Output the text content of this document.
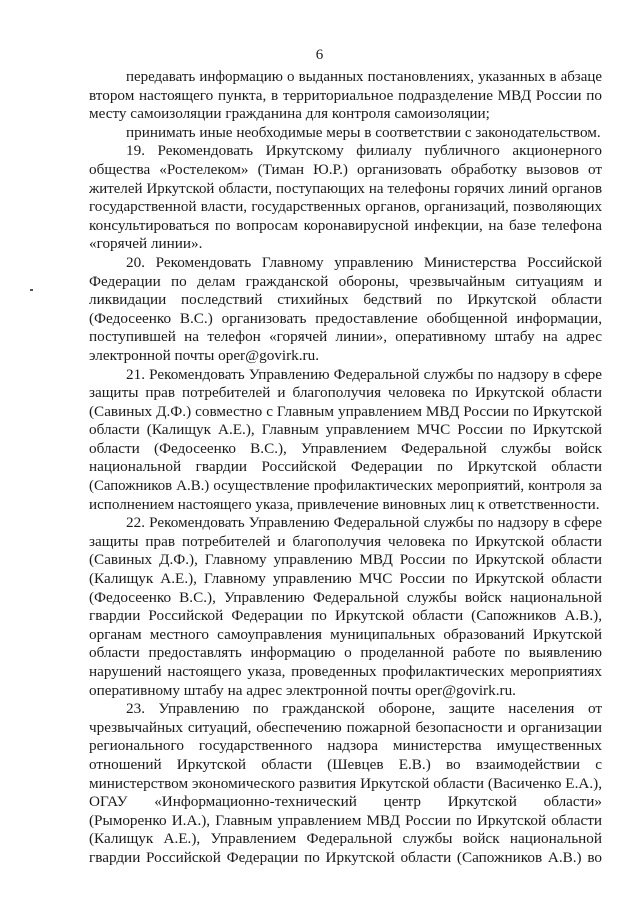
6
передавать информацию о выданных постановлениях, указанных в абзаце
втором настоящего пункта, в территориальное подразделение МВД России по
месту самоизоляции гражданина для контроля самоизоляции;
принимать иные необходимые меры в соответствии с законодательством.
19. Рекомендовать Иркутскому филиалу публичного акционерного
общества «Ростелеком» (Тиман Ю.Р.) организовать обработку вызовов от
жителей Иркутской области, поступающих на телефоны горячих линий органов
государственной власти, государственных органов, организаций, позволяющих
консультироваться по вопросам коронавирусной инфекции, на базе телефона
«горячей линии».
20. Рекомендовать Главному управлению Министерства Российской
Федерации по делам гражданской обороны, чрезвычайным ситуациям и
ликвидации последствий стихийных бедствий по Иркутской области
(Федосеенко В.С.) организовать предоставление обобщенной информации,
поступившей на телефон «горячей линии», оперативному штабу на адрес
электронной почты oper@govirk.ru.
21. Рекомендовать Управлению Федеральной службы по надзору в сфере
защиты прав потребителей и благополучия человека по Иркутской области
(Савиных Д.Ф.) совместно с Главным управлением МВД России по Иркутской
области (Калищук А.Е.), Главным управлением МЧС России по Иркутской
области (Федосеенко В.С.), Управлением Федеральной службы войск
национальной гвардии Российской Федерации по Иркутской области
(Сапожников А.В.) осуществление профилактических мероприятий, контроля за
исполнением настоящего указа, привлечение виновных лиц к ответственности.
22. Рекомендовать Управлению Федеральной службы по надзору в сфере
защиты прав потребителей и благополучия человека по Иркутской области
(Савиных Д.Ф.), Главному управлению МВД России по Иркутской области
(Калищук А.Е.), Главному управлению МЧС России по Иркутской области
(Федосеенко В.С.), Управлению Федеральной службы войск национальной
гвардии Российской Федерации по Иркутской области (Сапожников А.В.),
органам местного самоуправления муниципальных образований Иркутской
области предоставлять информацию о проделанной работе по выявлению
нарушений настоящего указа, проведенных профилактических мероприятиях
оперативному штабу на адрес электронной почты oper@govirk.ru.
23. Управлению по гражданской обороне, защите населения от
чрезвычайных ситуаций, обеспечению пожарной безопасности и организации
регионального государственного надзора министерства имущественных
отношений Иркутской области (Шевцев Е.В.) во взаимодействии с
министерством экономического развития Иркутской области (Васиченко Е.А.),
ОГАУ «Информационно-технический центр Иркутской области»
(Рыморенко И.А.), Главным управлением МВД России по Иркутской области
(Калищук А.Е.), Управлением Федеральной службы войск национальной
гвардии Российской Федерации по Иркутской области (Сапожников А.В.) во
